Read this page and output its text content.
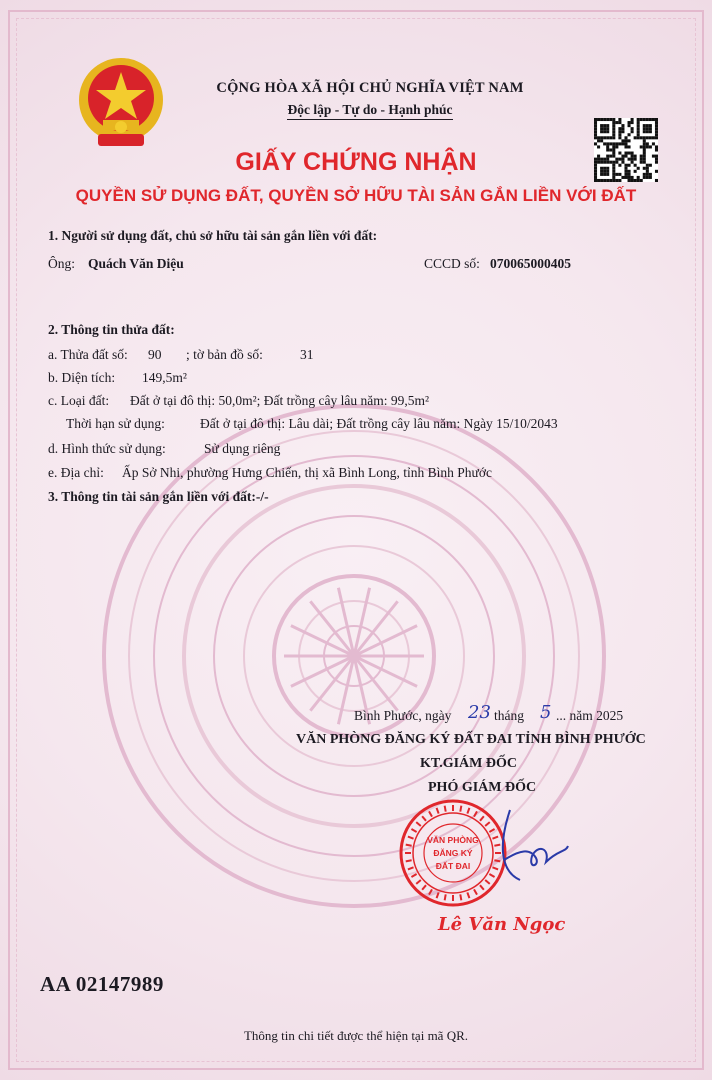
CỘNG HÒA XÃ HỘI CHỦ NGHĨA VIỆT NAM
Độc lập - Tự do - Hạnh phúc
GIẤY CHỨNG NHẬN
QUYỀN SỬ DỤNG ĐẤT, QUYỀN SỞ HỮU TÀI SẢN GẮN LIỀN VỚI ĐẤT
1. Người sử dụng đất, chủ sở hữu tài sản gắn liền với đất:
Ông: Quách Văn Diệu	CCCD số: 070065000405
2. Thông tin thửa đất:
a. Thửa đất số: 90 ; tờ bản đồ số:	31
b. Diện tích: 149,5m²
c. Loại đất: Đất ở tại đô thị: 50,0m²; Đất trồng cây lâu năm: 99,5m²
Thời hạn sử dụng:	Đất ở tại đô thị: Lâu dài; Đất trồng cây lâu năm: Ngày 15/10/2043
d. Hình thức sử dụng:	Sử dụng riêng
e. Địa chỉ: Ấp Sở Nhi, phường Hưng Chiến, thị xã Bình Long, tỉnh Bình Phước
3. Thông tin tài sản gắn liền với đất:-/-
Bình Phước, ngày 23 tháng 5 ... năm 2025
VĂN PHÒNG ĐĂNG KÝ ĐẤT ĐAI TỈNH BÌNH PHƯỚC
KT.GIÁM ĐỐC
PHÓ GIÁM ĐỐC
VĂN PHÒNG
ĐĂNG KÝ
ĐẤT ĐAI
Lê Văn Ngọc
AA 02147989
Thông tin chi tiết được thể hiện tại mã QR.
